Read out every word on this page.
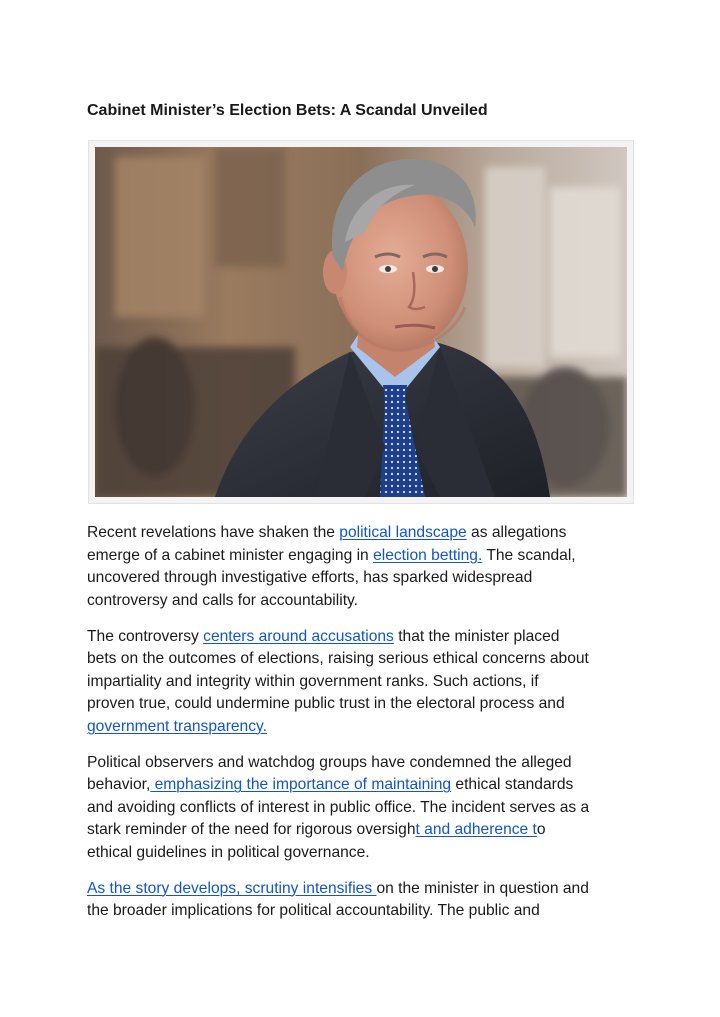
Cabinet Minister’s Election Bets: A Scandal Unveiled

Recent revelations have shaken the political landscape as allegations
emerge of a cabinet minister engaging in election betting. The scandal,
uncovered through investigative efforts, has sparked widespread
controversy and calls for accountability.

The controversy centers around accusations that the minister placed
bets on the outcomes of elections, raising serious ethical concerns about
impartiality and integrity within government ranks. Such actions, if
proven true, could undermine public trust in the electoral process and
government transparency.

Political observers and watchdog groups have condemned the alleged
behavior, emphasizing the importance of maintaining ethical standards
and avoiding conflicts of interest in public office. The incident serves as a
stark reminder of the need for rigorous oversight and adherence to
ethical guidelines in political governance.

As the story develops, scrutiny intensifies on the minister in question and
the broader implications for political accountability. The public and
